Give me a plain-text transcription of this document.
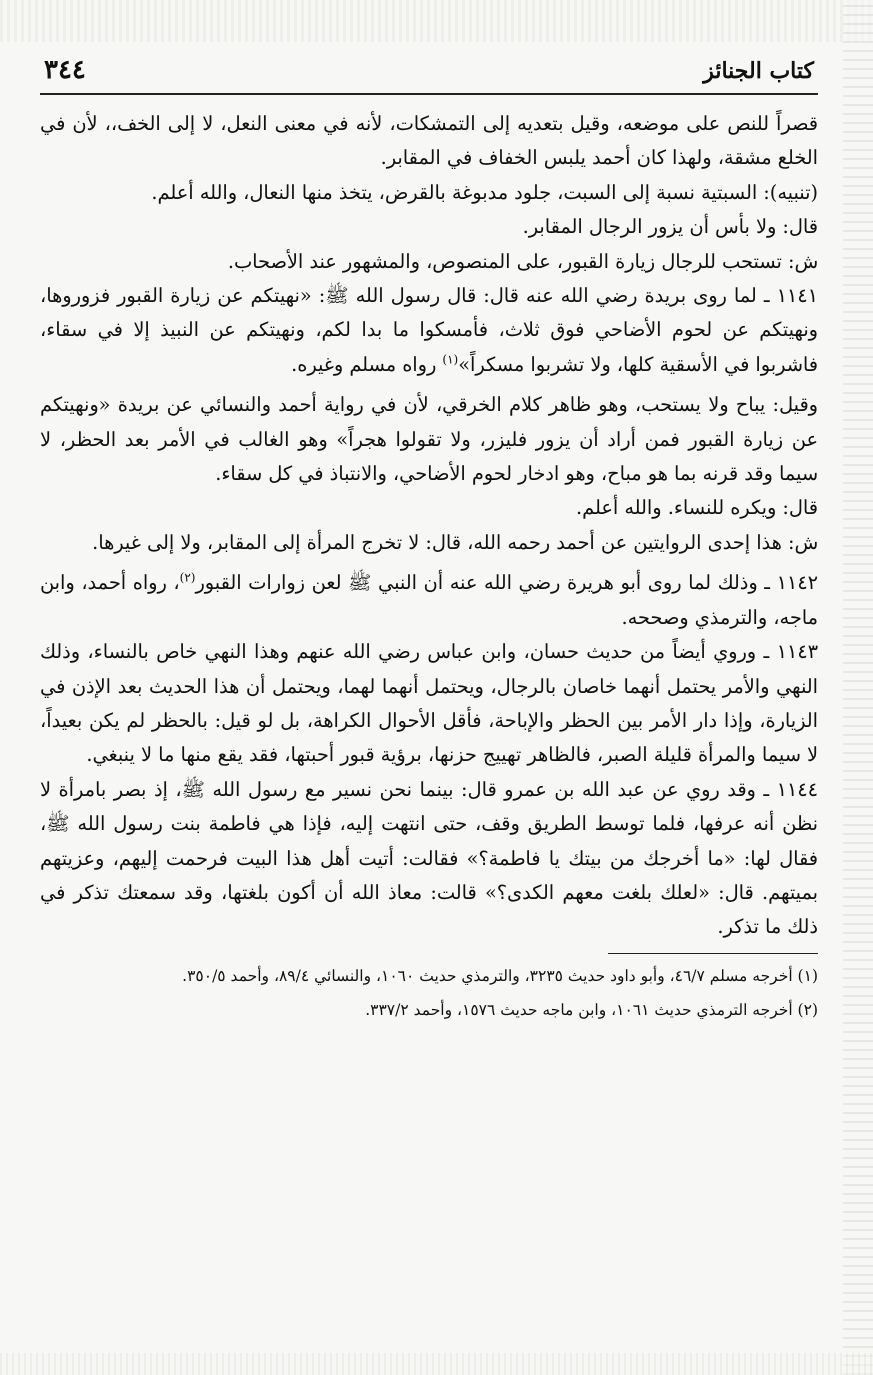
كتاب الجنائز
٣٤٤

قصراً للنص على موضعه، وقيل بتعديه إلى التمشكات، لأنه في معنى النعل، لا إلى الخف،، لأن في الخلع مشقة، ولهذا كان أحمد يلبس الخفاف في المقابر.

(تنبيه): السبتية نسبة إلى السبت، جلود مدبوغة بالقرض، يتخذ منها النعال، والله أعلم.

قال: ولا بأس أن يزور الرجال المقابر.

ش: تستحب للرجال زيارة القبور، على المنصوص، والمشهور عند الأصحاب.

١١٤١ ـ لما روى بريدة رضي الله عنه قال: قال رسول الله ﷺ: «نهيتكم عن زيارة القبور فزوروها، ونهيتكم عن لحوم الأضاحي فوق ثلاث، فأمسكوا ما بدا لكم، ونهيتكم عن النبيذ إلا في سقاء، فاشربوا في الأسقية كلها، ولا تشربوا مسكراً»$^{(١)}$ رواه مسلم وغيره.

وقيل: يباح ولا يستحب، وهو ظاهر كلام الخرقي، لأن في رواية أحمد والنسائي عن بريدة «ونهيتكم عن زيارة القبور فمن أراد أن يزور فليزر، ولا تقولوا هجراً» وهو الغالب في الأمر بعد الحظر، لا سيما وقد قرنه بما هو مباح، وهو ادخار لحوم الأضاحي، والانتباذ في كل سقاء.

قال: ويكره للنساء. والله أعلم.

ش: هذا إحدى الروايتين عن أحمد رحمه الله، قال: لا تخرج المرأة إلى المقابر، ولا إلى غيرها.

١١٤٢ ـ وذلك لما روى أبو هريرة رضي الله عنه أن النبي ﷺ لعن زوارات القبور$^{(٢)}$، رواه أحمد، وابن ماجه، والترمذي وصححه.

١١٤٣ ـ وروي أيضاً من حديث حسان، وابن عباس رضي الله عنهم وهذا النهي خاص بالنساء، وذلك النهي والأمر يحتمل أنهما خاصان بالرجال، ويحتمل أنهما لهما، ويحتمل أن هذا الحديث بعد الإذن في الزيارة، وإذا دار الأمر بين الحظر والإباحة، فأقل الأحوال الكراهة، بل لو قيل: بالحظر لم يكن بعيداً، لا سيما والمرأة قليلة الصبر، فالظاهر تهييج حزنها، برؤية قبور أحبتها، فقد يقع منها ما لا ينبغي.

١١٤٤ ـ وقد روي عن عبد الله بن عمرو قال: بينما نحن نسير مع رسول الله ﷺ، إذ بصر بامرأة لا نظن أنه عرفها، فلما توسط الطريق وقف، حتى انتهت إليه، فإذا هي فاطمة بنت رسول الله ﷺ، فقال لها: «ما أخرجك من بيتك يا فاطمة؟» فقالت: أتيت أهل هذا البيت فرحمت إليهم، وعزيتهم بميتهم. قال: «لعلك بلغت معهم الكدى؟» قالت: معاذ الله أن أكون بلغتها، وقد سمعتك تذكر في ذلك ما تذكر.

(١) أخرجه مسلم ٤٦/٧، وأبو داود حديث ٣٢٣٥، والترمذي حديث ١٠٦٠، والنسائي ٨٩/٤، وأحمد ٣٥٠/٥.

(٢) أخرجه الترمذي حديث ١٠٦١، وابن ماجه حديث ١٥٧٦، وأحمد ٣٣٧/٢.
